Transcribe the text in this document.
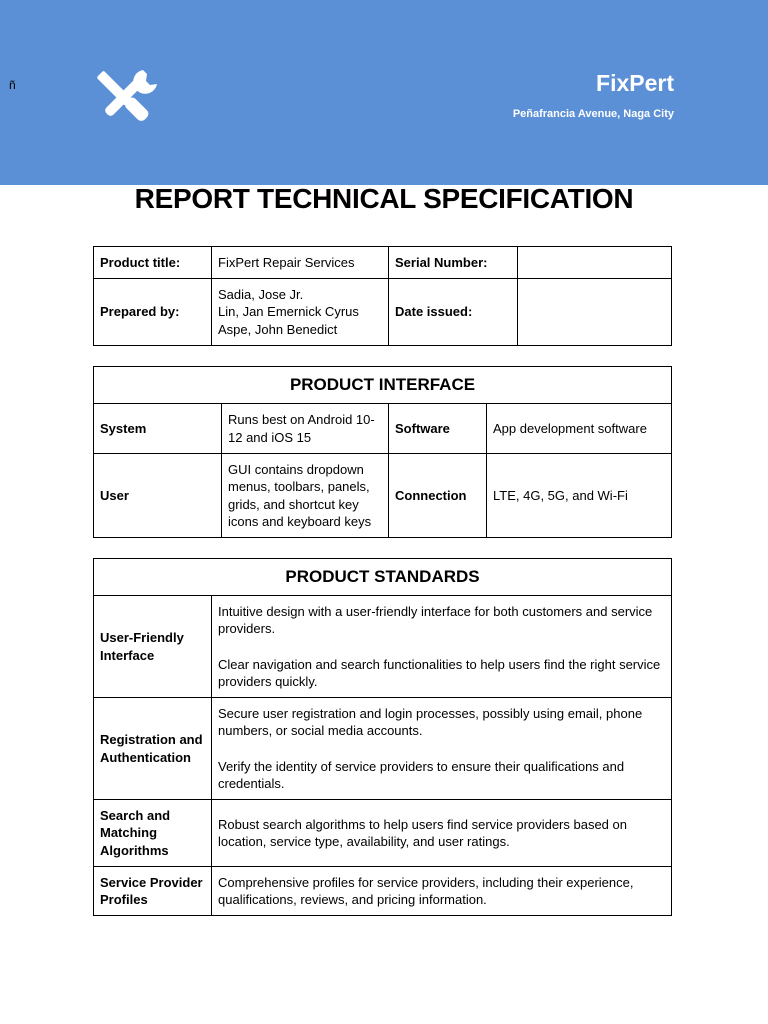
ñ	FixPert
Peñafrancia Avenue, Naga City
REPORT TECHNICAL SPECIFICATION
Product title:	FixPert Repair Services	Serial Number:	
Prepared by:	Sadia, Jose Jr.
Lin, Jan Emernick Cyrus
Aspe, John Benedict	Date issued:	
PRODUCT INTERFACE			
System	Runs best on Android 10-12 and iOS 15	Software	App development software
User	GUI contains dropdown menus, toolbars, panels, grids, and shortcut key icons and keyboard keys	Connection	LTE, 4G, 5G, and Wi-Fi
PRODUCT STANDARDS	
User-Friendly Interface	Intuitive design with a user-friendly interface for both customers and service providers.

Clear navigation and search functionalities to help users find the right service providers quickly.

Registration and Authentication	Secure user registration and login processes, possibly using email, phone numbers, or social media accounts.

Verify the identity of service providers to ensure their qualifications and credentials.

Search and Matching Algorithms	Robust search algorithms to help users find service providers based on location, service type, availability, and user ratings.

Service Provider Profiles	Comprehensive profiles for service providers, including their experience, qualifications, reviews, and pricing information.
